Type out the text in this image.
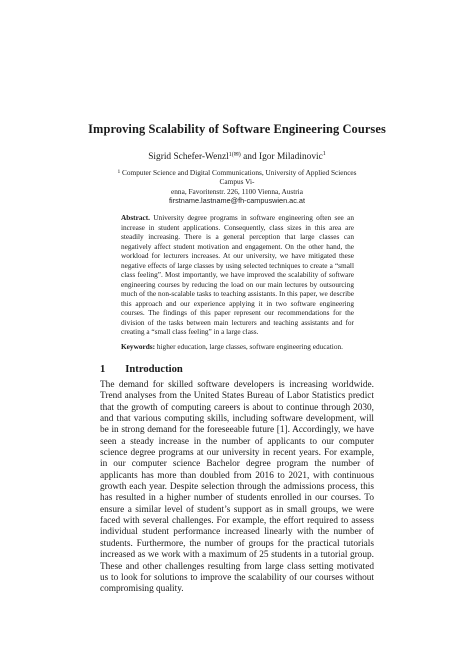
Improving Scalability of Software Engineering Courses
Sigrid Schefer-Wenzl$^{1(✉)}$ and Igor Miladinovic$^1$
$^1$ Computer Science and Digital Communications, University of Applied Sciences Campus Vi-
enna, Favoritenstr. 226, 1100 Vienna, Austria
firstname.lastname@fh-campuswien.ac.at
Abstract. University degree programs in software engineering often see an increase in student applications. Consequently, class sizes in this area are steadily increasing. There is a general perception that large classes can negatively affect student motivation and engagement. On the other hand, the workload for lecturers increases. At our university, we have mitigated these negative effects of large classes by using selected techniques to create a “small class feeling”. Most importantly, we have improved the scalability of software engineering courses by reducing the load on our main lectures by outsourcing much of the non-scalable tasks to teaching assistants. In this paper, we describe this approach and our experience applying it in two software engineering courses. The findings of this paper represent our recommendations for the division of the tasks between main lecturers and teaching assistants and for creating a “small class feeling” in a large class.
Keywords: higher education, large classes, software engineering education.
1 Introduction

The demand for skilled software developers is increasing worldwide. Trend analyses from the United States Bureau of Labor Statistics predict that the growth of computing careers is about to continue through 2030, and that various computing skills, including software development, will be in strong demand for the foreseeable future [1]. Accordingly, we have seen a steady increase in the number of applicants to our computer science degree programs at our university in recent years. For example, in our computer science Bachelor degree program the number of applicants has more than doubled from 2016 to 2021, with continuous growth each year. Despite selection through the admissions process, this has resulted in a higher number of students enrolled in our courses. To ensure a similar level of student’s support as in small groups, we were faced with several challenges. For example, the effort required to assess individual student performance increased linearly with the number of students. Furthermore, the number of groups for the practical tutorials increased as we work with a maximum of 25 students in a tutorial group. These and other challenges resulting from large class setting motivated us to look for solutions to improve the scalability of our courses without compromising quality.
